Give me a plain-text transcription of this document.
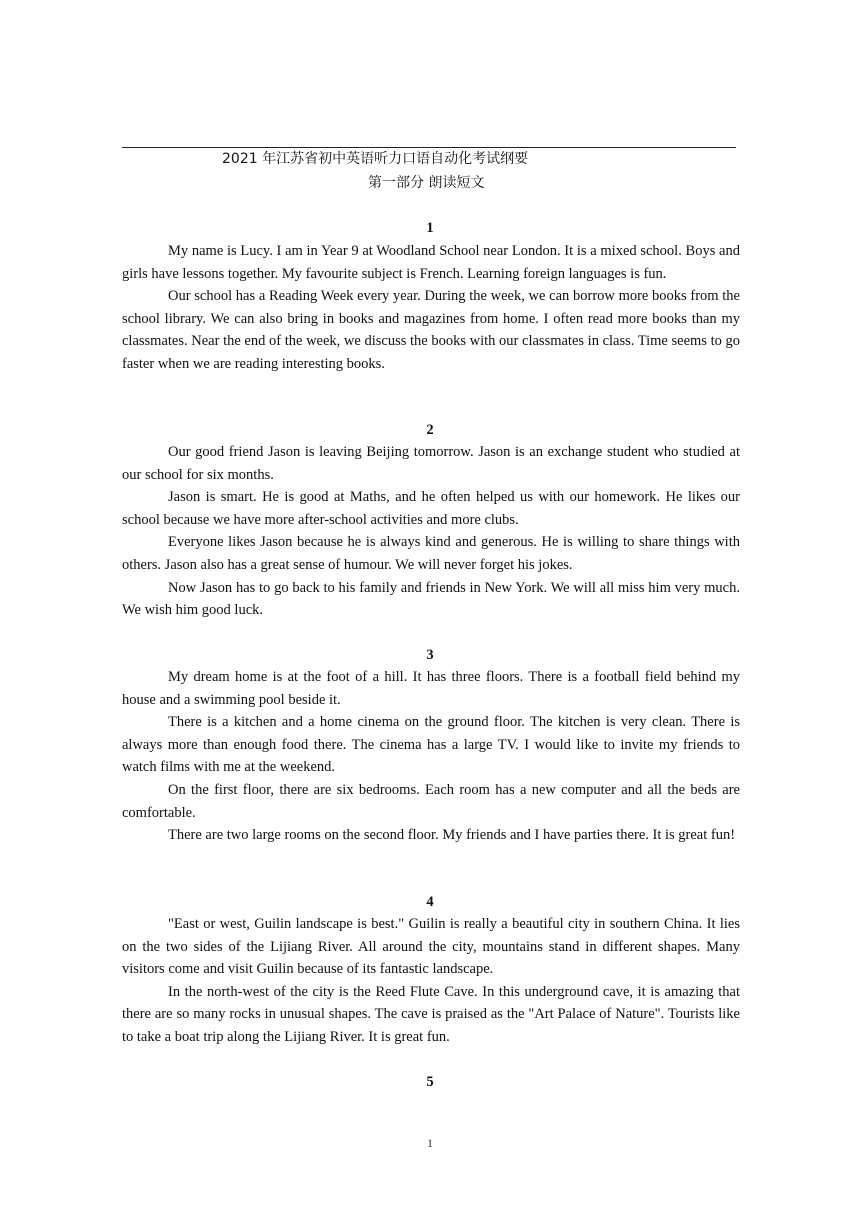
2021 年江苏省初中英语听力口语自动化考试纲要
第一部分 朗读短文
1

My name is Lucy. I am in Year 9 at Woodland School near London. It is a mixed school. Boys and girls have lessons together. My favourite subject is French. Learning foreign languages is fun.

Our school has a Reading Week every year. During the week, we can borrow more books from the school library. We can also bring in books and magazines from home. I often read more books than my classmates. Near the end of the week, we discuss the books with our classmates in class. Time seems to go faster when we are reading interesting books.

2

Our good friend Jason is leaving Beijing tomorrow. Jason is an exchange student who studied at our school for six months.

Jason is smart. He is good at Maths, and he often helped us with our homework. He likes our school because we have more after-school activities and more clubs.

Everyone likes Jason because he is always kind and generous. He is willing to share things with others. Jason also has a great sense of humour. We will never forget his jokes.

Now Jason has to go back to his family and friends in New York. We will all miss him very much. We wish him good luck.

3

My dream home is at the foot of a hill. It has three floors. There is a football field behind my house and a swimming pool beside it.

There is a kitchen and a home cinema on the ground floor. The kitchen is very clean. There is always more than enough food there. The cinema has a large TV. I would like to invite my friends to watch films with me at the weekend.

On the first floor, there are six bedrooms. Each room has a new computer and all the beds are comfortable.

There are two large rooms on the second floor. My friends and I have parties there. It is great fun!

4

"East or west, Guilin landscape is best." Guilin is really a beautiful city in southern China. It lies on the two sides of the Lijiang River. All around the city, mountains stand in different shapes. Many visitors come and visit Guilin because of its fantastic landscape.

In the north-west of the city is the Reed Flute Cave. In this underground cave, it is amazing that there are so many rocks in unusual shapes. The cave is praised as the "Art Palace of Nature". Tourists like to take a boat trip along the Lijiang River. It is great fun.

5
1
